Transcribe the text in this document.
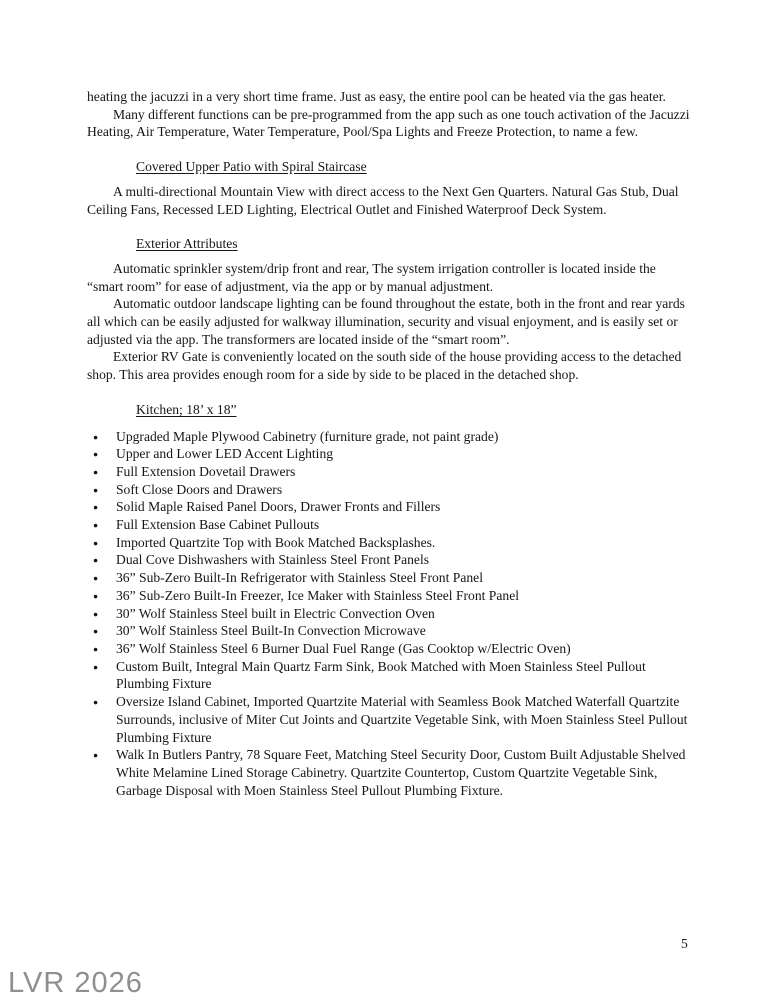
heating the jacuzzi in a very short time frame. Just as easy, the entire pool can be heated via the gas heater.

Many different functions can be pre-programmed from the app such as one touch activation of the Jacuzzi Heating, Air Temperature, Water Temperature, Pool/Spa Lights and Freeze Protection, to name a few.

Covered Upper Patio with Spiral Staircase

A multi-directional Mountain View with direct access to the Next Gen Quarters. Natural Gas Stub, Dual Ceiling Fans, Recessed LED Lighting, Electrical Outlet and Finished Waterproof Deck System.

Exterior Attributes

Automatic sprinkler system/drip front and rear, The system irrigation controller is located inside the “smart room” for ease of adjustment, via the app or by manual adjustment.

Automatic outdoor landscape lighting can be found throughout the estate, both in the front and rear yards all which can be easily adjusted for walkway illumination, security and visual enjoyment, and is easily set or adjusted via the app. The transformers are located inside of the “smart room”.

Exterior RV Gate is conveniently located on the south side of the house providing access to the detached shop. This area provides enough room for a side by side to be placed in the detached shop.

Kitchen; 18’ x 18”
● Upgraded Maple Plywood Cabinetry (furniture grade, not paint grade)
● Upper and Lower LED Accent Lighting
● Full Extension Dovetail Drawers
● Soft Close Doors and Drawers
● Solid Maple Raised Panel Doors, Drawer Fronts and Fillers
● Full Extension Base Cabinet Pullouts
● Imported Quartzite Top with Book Matched Backsplashes.
● Dual Cove Dishwashers with Stainless Steel Front Panels
● 36” Sub-Zero Built-In Refrigerator with Stainless Steel Front Panel
● 36” Sub-Zero Built-In Freezer, Ice Maker with Stainless Steel Front Panel
● 30” Wolf Stainless Steel built in Electric Convection Oven
● 30” Wolf Stainless Steel Built-In Convection Microwave
● 36” Wolf Stainless Steel 6 Burner Dual Fuel Range (Gas Cooktop w/Electric Oven)
● Custom Built, Integral Main Quartz Farm Sink, Book Matched with Moen Stainless Steel Pullout Plumbing Fixture
● Oversize Island Cabinet, Imported Quartzite Material with Seamless Book Matched Waterfall Quartzite Surrounds, inclusive of Miter Cut Joints and Quartzite Vegetable Sink, with Moen Stainless Steel Pullout Plumbing Fixture
● Walk In Butlers Pantry, 78 Square Feet, Matching Steel Security Door, Custom Built Adjustable Shelved White Melamine Lined Storage Cabinetry. Quartzite Countertop, Custom Quartzite Vegetable Sink, Garbage Disposal with Moen Stainless Steel Pullout Plumbing Fixture.
5
LVR 2026
